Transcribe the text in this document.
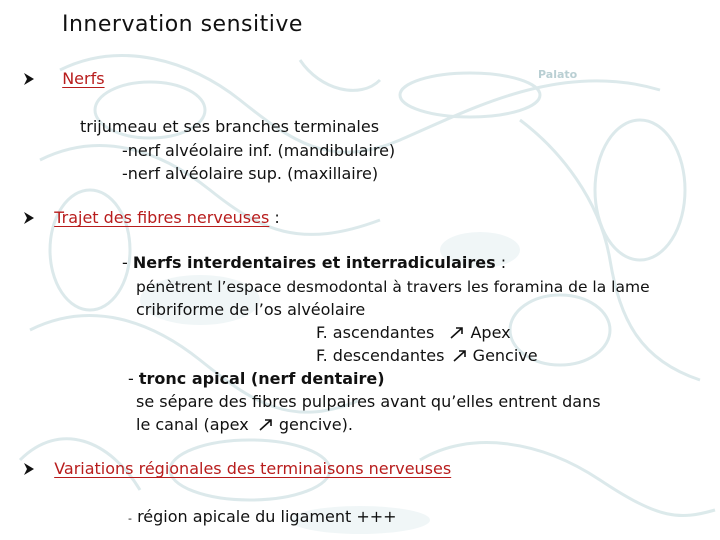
Palato
Innervation sensitive
Nerfs
trijumeau et ses branches terminales
-nerf alvéolaire inf. (mandibulaire)
-nerf alvéolaire sup. (maxillaire)
Trajet des fibres nerveuses :
- Nerfs interdentaires et interradiculaires :
pénètrent l’espace desmodontal à travers les foramina de la lame
cribriforme de l’os alvéolaire
F. ascendantes Apex
F. descendantes Gencive
- tronc apical (nerf dentaire)
se sépare des fibres pulpaires avant qu’elles entrent dans
le canal (apex gencive).
Variations régionales des terminaisons nerveuses
- région apicale du ligament +++
